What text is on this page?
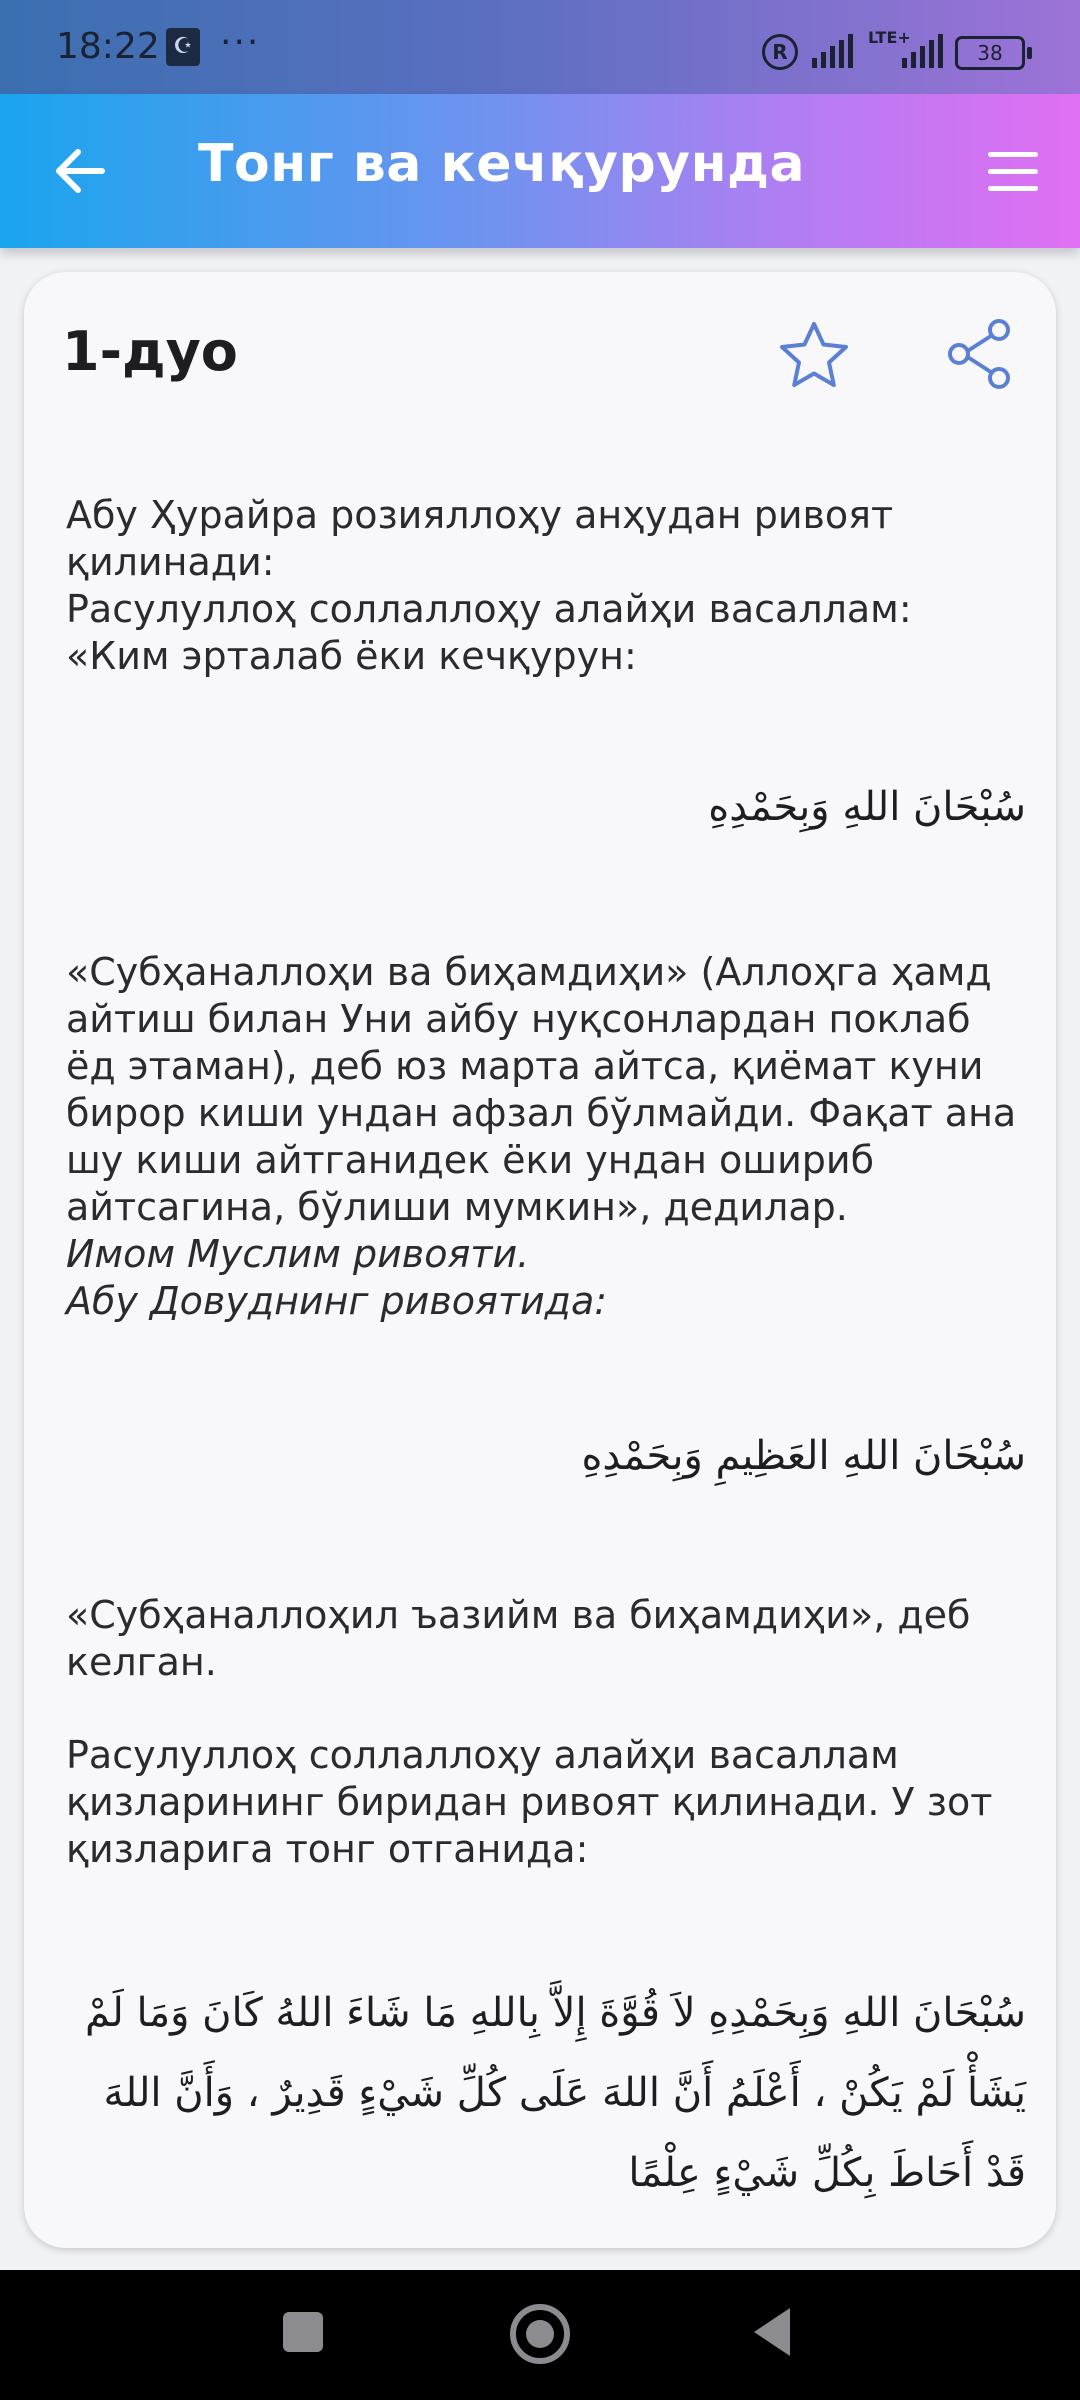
18:22 ☪ ···	R
LTE+
38
Тонг ва кечқурунда
1-дуо

Абу Ҳурайра розияллоҳу анҳудан ривоят қилинади:
Расулуллоҳ соллаллоҳу алайҳи васаллам: «Ким эрталаб ёки кечқурун:

سُبْحَانَ اللهِ وَبِحَمْدِهِ

«Субҳаналлоҳи ва биҳамдиҳи» (Аллоҳга ҳамд айтиш билан Уни айбу нуқсонлардан поклаб ёд этаман), деб юз марта айтса, қиёмат куни бирор киши ундан афзал бўлмайди. Фақат ана шу киши айтганидек ёки ундан ошириб айтсагина, бўлиши мумкин», дедилар.

Имом Муслим ривояти.

Абу Довуднинг ривоятида:

سُبْحَانَ اللهِ العَظِيمِ وَبِحَمْدِهِ

«Субҳаналлоҳил ъазийм ва биҳамдиҳи», деб келган.

Расулуллоҳ соллаллоҳу алайҳи васаллам қизларининг биридан ривоят қилинади. У зот қизларига тонг отганида:

سُبْحَانَ اللهِ وَبِحَمْدِهِ لاَ قُوَّةَ إِلاَّ بِاللهِ مَا شَاءَ اللهُ كَانَ وَمَا لَمْ يَشَأْ لَمْ يَكُنْ ، أَعْلَمُ أَنَّ اللهَ عَلَى كُلِّ شَيْءٍ قَدِيرٌ ، وَأَنَّ اللهَ قَدْ أَحَاطَ بِكُلِّ شَيْءٍ عِلْمًا
